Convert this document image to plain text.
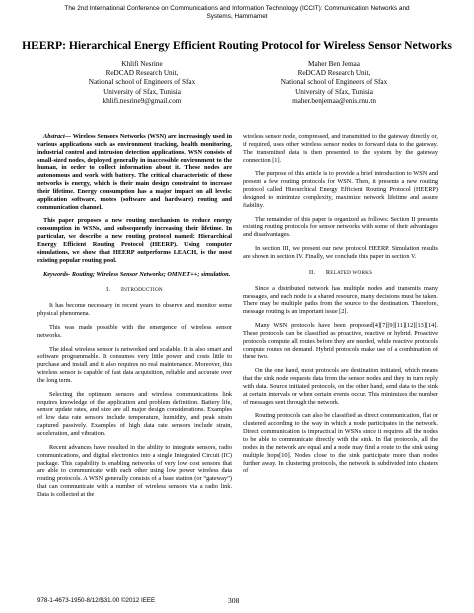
The 2nd International Conference on Communications and Information Technology (ICCIT): Communication Networks and
Systems, Hammamet
HEERP: Hierarchical Energy Efficient Routing Protocol for Wireless Sensor Networks
Khlifi Nesrine
ReDCAD Research Unit,
National school of Engineers of Sfax
University of Sfax, Tunisia
khlifi.nesrine9@gmail.com
Maher Ben Jemaa
ReDCAD Research Unit,
National school of Engineers of Sfax
University of Sfax, Tunisia
maher.benjemaa@enis.rnu.tn

Abstract— Wireless Sensors Networks (WSN) are increasingly used in various applications such as environment tracking, health monitoring, industrial control and intrusion detection applications. WSN consists of small-sized nodes, deployed generally in inaccessible environment to the human, in order to collect information about it. These nodes are autonomous and work with battery. The critical characteristic of these networks is energy, which is their main design constraint to increase their lifetime. Energy consumption has a major impact on all levels: application software, motes (software and hardware) routing and communication channel.

This paper proposes a new routing mechanism to reduce energy consumption in WSNs, and subsequently increasing their lifetime. In particular, we describe a new routing protocol named: Hierarchical Energy Efficient Routing Protocol (HEERP). Using computer simulations, we show that HEERP outperforms LEACH, is the most existing popular routing pool.

Keywords- Routing; Wireless Sensor Networks; OMNET++; simulation.

I.      INTRODUCTION

It has become necessary in recent years to observe and monitor some physical phenomena.

This was made possible with the emergence of wireless sensor networks.

The ideal wireless sensor is networked and scalable. It is also smart and software programmable. It consumes very little power and costs little to purchase and install and it also requires no real maintenance. Moreover, this wireless sensor is capable of fast data acquisition, reliable and accurate over the long term.

Selecting the optimum sensors and wireless communications link requires knowledge of the application and problem definition. Battery life, sensor update rates, and size are all major design considerations. Examples of low data rate sensors include temperature, humidity, and peak strain captured passively. Examples of high data rate sensors include strain, acceleration, and vibration.

Recent advances have resulted in the ability to integrate sensors, radio communications, and digital electronics into a single Integrated Circuit (IC) package. This capability is enabling networks of very low cost sensors that are able to communicate with each other using low power wireless data routing protocols. A WSN generally consists of a base station (or “gateway”) that can communicate with a number of wireless sensors via a radio link. Data is collected at the

wireless sensor node, compressed, and transmitted to the gateway directly or, if required, uses other wireless sensor nodes to forward data to the gateway. The transmitted data is then presented to the system by the gateway connection [1].

The purpose of this article is to provide a brief introduction to WSN and present a few routing protocols for WSN. Then, it presents a new routing protocol called Hierarchical Energy Efficient Routing Protocol (HEERP) designed to minimize complexity, maximize network lifetime and assure fiability.

The remainder of this paper is organized as follows: Section II presents existing routing protocols for sensor networks with some of their advantages and disadvantages.

In section III, we present our new protocol HEERP. Simulation results are shown in section IV. Finally, we conclude this paper in section V.

II.      RELATED WORKS

Since a distributed network has multiple nodes and transmits many messages, and each node is a shared resource, many decisions must be taken. There may be multiple paths from the source to the destination. Therefore, message routing is an important issue [2].

Many WSN protocols have been proposed[4][7][9][11][12][13][14]. These protocols can be classified as proactive, reactive or hybrid. Proactive protocols compute all routes before they are needed, while reactive protocols compute routes on demand. Hybrid protocols make use of a combination of these two.

On the one hand, most protocols are destination initiated, which means that the sink node requests data from the sensor nodes and they in turn reply with data. Source initiated protocols, on the other hand, send data to the sink at certain intervals or when certain events occur. This minimizes the number of messages sent through the network.

Routing protocols can also be classified as direct communication, flat or clustered according to the way in which a node participates in the network. Direct communication is impractical in WSNs since it requires all the nodes to be able to communicate directly with the sink. In flat protocols, all the nodes in the network are equal and a node may find a route to the sink using multiple hops[10]. Nodes close to the sink participate more than nodes further away. In clustering protocols, the network is subdivided into clusters of

978-1-4673-1950-8/12/$31.00 ©2012 IEEE	308
